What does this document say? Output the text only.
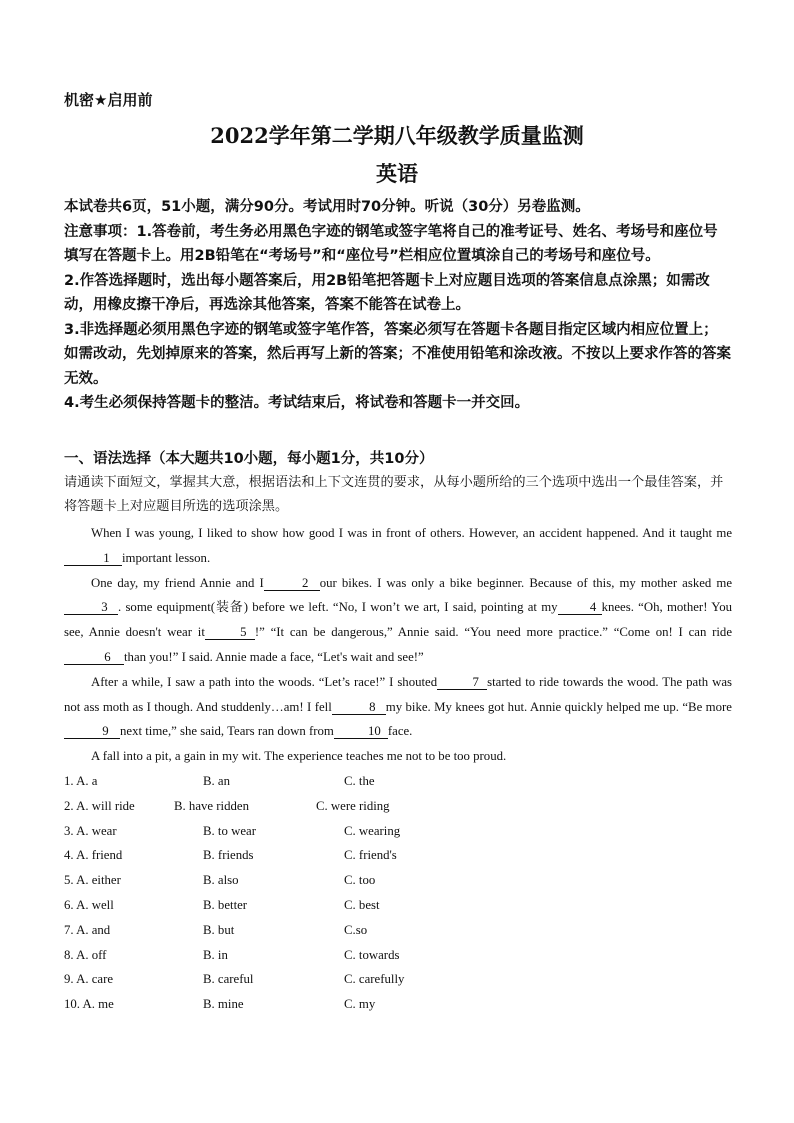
机密★启用前
2022学年第二学期八年级教学质量监测
英语

本试卷共6页，51小题，满分90分。考试用时70分钟。听说（30分）另卷监测。

注意事项：1.答卷前，考生务必用黑色字迹的钢笔或签字笔将自己的准考证号、姓名、考场号和座位号填写在答题卡上。用2B铅笔在“考场号”和“座位号”栏相应位置填涂自己的考场号和座位号。

2.作答选择题时，选出每小题答案后，用2B铅笔把答题卡上对应题目选项的答案信息点涂黑；如需改动，用橡皮擦干净后，再选涂其他答案，答案不能答在试卷上。

3.非选择题必须用黑色字迹的钢笔或签字笔作答，答案必须写在答题卡各题目指定区域内相应位置上；如需改动，先划掉原来的答案，然后再写上新的答案；不准使用铅笔和涂改液。不按以上要求作答的答案无效。

4.考生必须保持答题卡的整洁。考试结束后，将试卷和答题卡一并交回。

一、语法选择（本大题共10小题，每小题1分，共10分）
请通读下面短文，掌握其大意，根据语法和上下文连贯的要求，从每小题所给的三个选项中选出一个最佳答案，并将答题卡上对应题目所选的选项涂黑。

When I was young, I liked to show how good I was in front of others. However, an accident happened. And it taught me1 important lesson.

One day, my friend Annie and I	2 our bikes. I was only a bike beginner. Because of this, my mother asked me3 . some equipment(装备) before we left. “No, I won’t we art, I said, pointing at my	4 knees. “Oh, mother! You see, Annie doesn't wear it	5 !” “It can be dangerous,” Annie said. “You need more practice.” “Come on! I can ride6 than you!” I said. Annie made a face, “Let's wait and see!”

After a while, I saw a path into the woods. “Let’s race!” I shouted	7 started to ride towards the wood. The path was not ass moth as I though. And studdenly…am! I fell	8 my bike. My knees got hut. Annie quickly helped me up. “Be more9 next time,” she said, Tears ran down from	10 face.

A fall into a pit, a gain in my wit. The experience teaches me not to be too proud.

1. A. a	B. an	C. the
2. A. will ride	B. have ridden	C. were riding
3. A. wear	B. to wear	C. wearing
4. A. friend	B. friends	C. friend's
5. A. either	B. also	C. too
6. A. well	B. better	C. best
7. A. and	B. but	C.so
8. A. off	B. in	C. towards
9. A. care	B. careful	C. carefully
10. A. me	B. mine	C. my
